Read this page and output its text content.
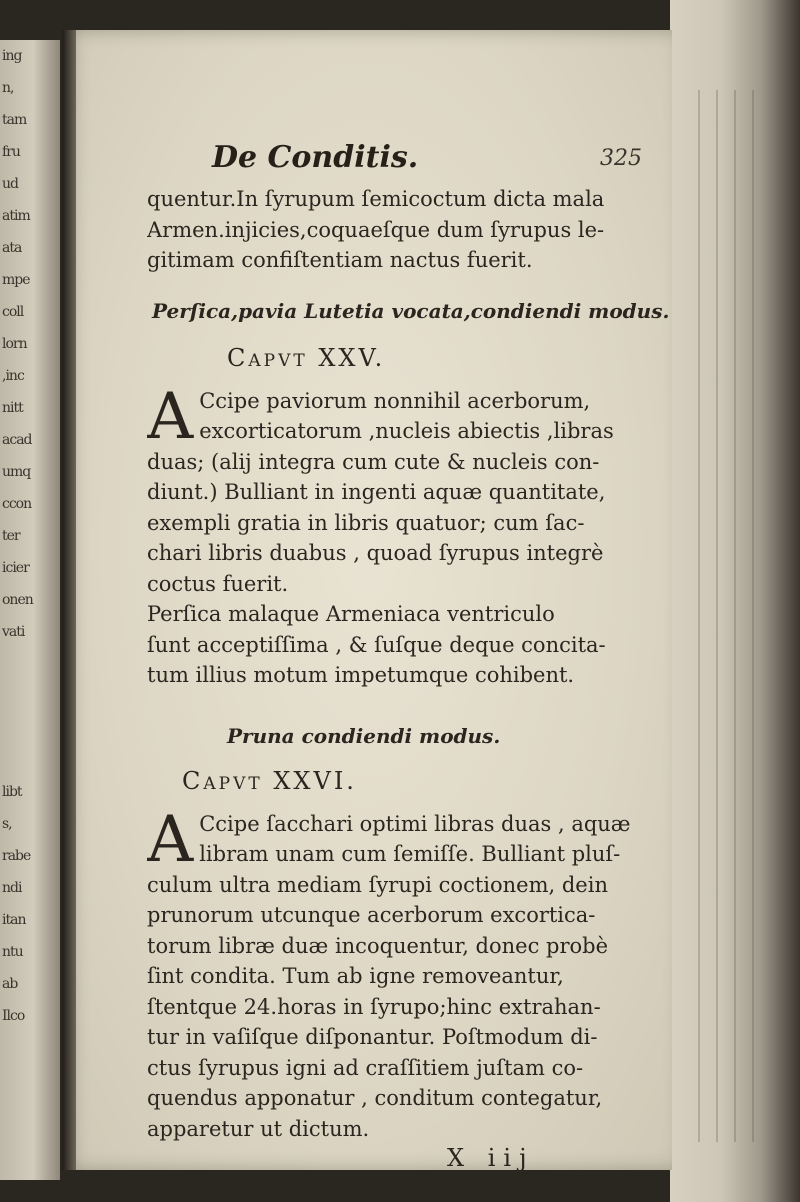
ing
n,
tam
fru
ud
atim
ata
mpe
coll
lorn
,inc
nitt
acad
umq
ccon
ter
icier
onen
vati
libt
s,
rabe
ndi
itan
ntu
ab
Ilco
De Conditis.	325
quentur.In ſyrupum ſemicoctum dicta mala
Armen.injicies,coquaeſque dum ſyrupus le-
gitimam confiſtentiam nactus fuerit.
Perſica,pavia Lutetia vocata,condiendi modus.
Capvt XXV.
A Ccipe paviorum nonnihil acerborum,
excorticatorum ,nucleis abiectis ,libras
duas; (alij integra cum cute & nucleis con-
diunt.) Bulliant in ingenti aquæ quantitate,
exempli gratia in libris quatuor; cum ſac-
chari libris duabus , quoad ſyrupus integrè
coctus fuerit.
Perſica malaque Armeniaca ventriculo
ſunt acceptiſſima , & ſuſque deque concita-
tum illius motum impetumque cohibent.
Pruna condiendi modus.
Capvt XXVI.
A Ccipe ſacchari optimi libras duas , aquæ
libram unam cum ſemiſſe. Bulliant pluſ-
culum ultra mediam ſyrupi coctionem, dein
prunorum utcunque acerborum excortica-
torum libræ duæ incoquentur, donec probè
ſint condita. Tum ab igne removeantur,
ſtentque 24.horas in ſyrupo;hinc extrahan-
tur in vaſiſque diſponantur. Poſtmodum di-
ctus ſyrupus igni ad craſſitiem juſtam co-
quendus apponatur , conditum contegatur,
apparetur ut dictum.
X iij
